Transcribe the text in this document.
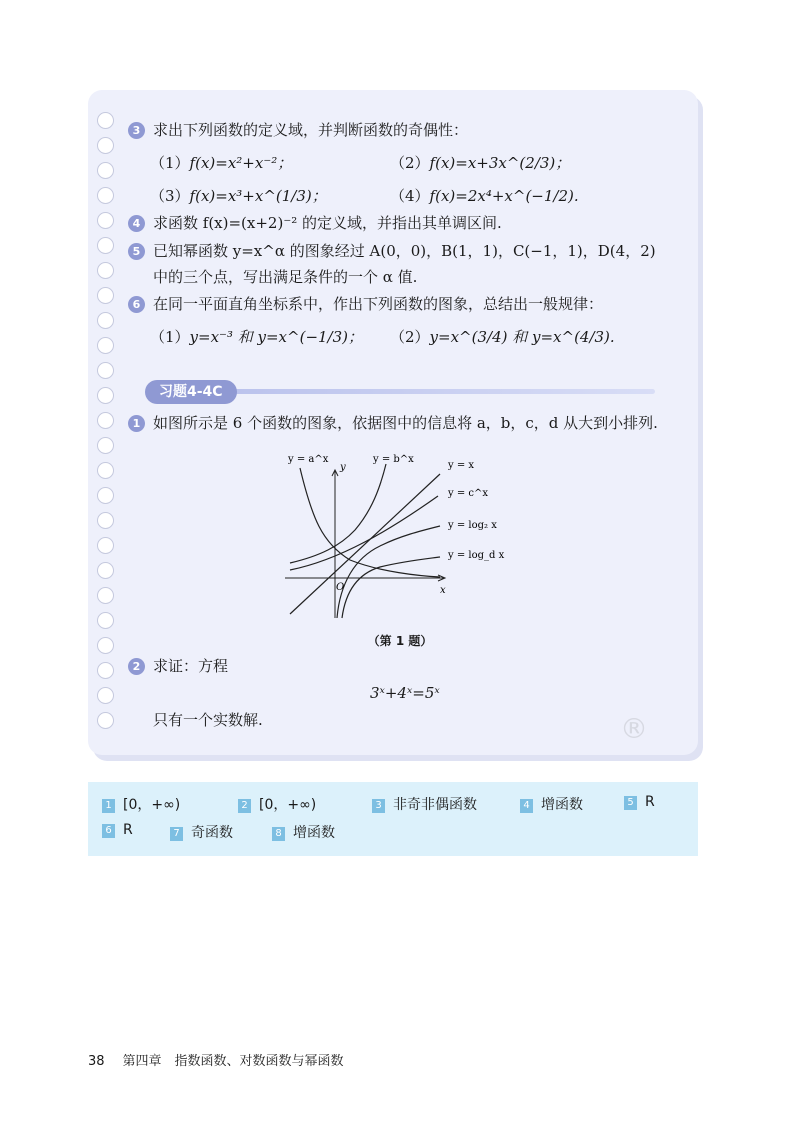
3 求出下列函数的定义域，并判断函数的奇偶性：
（1）f(x)=x²+x⁻²；	（2）f(x)=x+3x^(2/3)；
（3）f(x)=x³+x^(1/3)；	（4）f(x)=2x⁴+x^(−1/2).
4 求函数 f(x)=(x+2)⁻² 的定义域，并指出其单调区间.
5 已知幂函数 y=x^α 的图象经过 A(0，0)，B(1，1)，C(−1，1)，D(4，2)
中的三个点，写出满足条件的一个 α 值.
6 在同一平面直角坐标系中，作出下列函数的图象，总结出一般规律：
（1）y=x⁻³ 和 y=x^(−1/3)； （2）y=x^(3/4) 和 y=x^(4/3).
1 如图所示是 6 个函数的图象，依据图中的信息将 a，b，c，d 从大到小排列.
2 求证：方程
3ˣ+4ˣ=5ˣ
只有一个实数解.
习题4-4C
y = a^x	y = b^x
y = x
y = c^x
y = log₂ x
y = log_d x
y
x
O
（第 1 题）
®
1 [0，+∞)	2 [0，+∞)	3 非奇非偶函数	4 增函数	5 R
6 R	7 奇函数	8 增函数
38 第四章　指数函数、对数函数与幂函数
